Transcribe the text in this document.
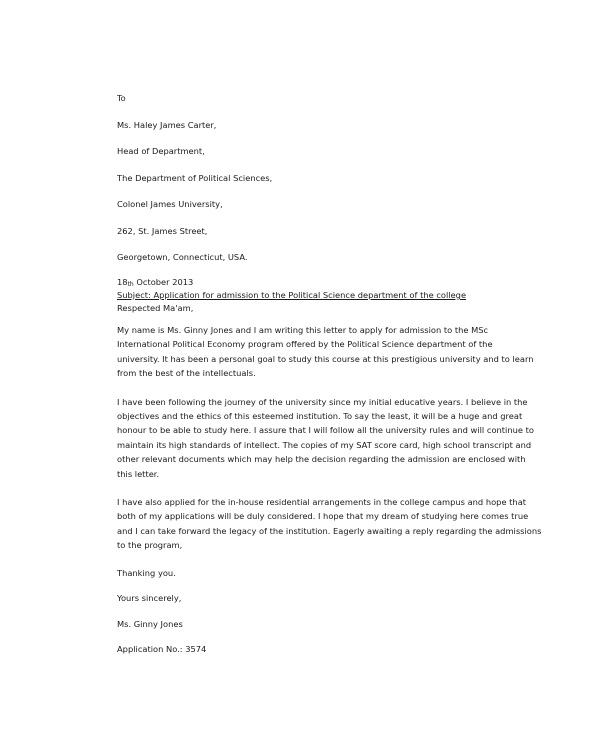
To
Ms. Haley James Carter,
Head of Department,
The Department of Political Sciences,
Colonel James University,
262, St. James Street,
Georgetown, Connecticut, USA.
18th October 2013
Subject: Application for admission to the Political Science department of the college
Respected Ma'am,
My name is Ms. Ginny Jones and I am writing this letter to apply for admission to the MSc
International Political Economy program offered by the Political Science department of the
university. It has been a personal goal to study this course at this prestigious university and to learn
from the best of the intellectuals.
I have been following the journey of the university since my initial educative years. I believe in the
objectives and the ethics of this esteemed institution. To say the least, it will be a huge and great
honour to be able to study here. I assure that I will follow all the university rules and will continue to
maintain its high standards of intellect. The copies of my SAT score card, high school transcript and
other relevant documents which may help the decision regarding the admission are enclosed with
this letter.
I have also applied for the in-house residential arrangements in the college campus and hope that
both of my applications will be duly considered. I hope that my dream of studying here comes true
and I can take forward the legacy of the institution. Eagerly awaiting a reply regarding the admissions
to the program,
Thanking you.
Yours sincerely,
Ms. Ginny Jones
Application No.: 3574
